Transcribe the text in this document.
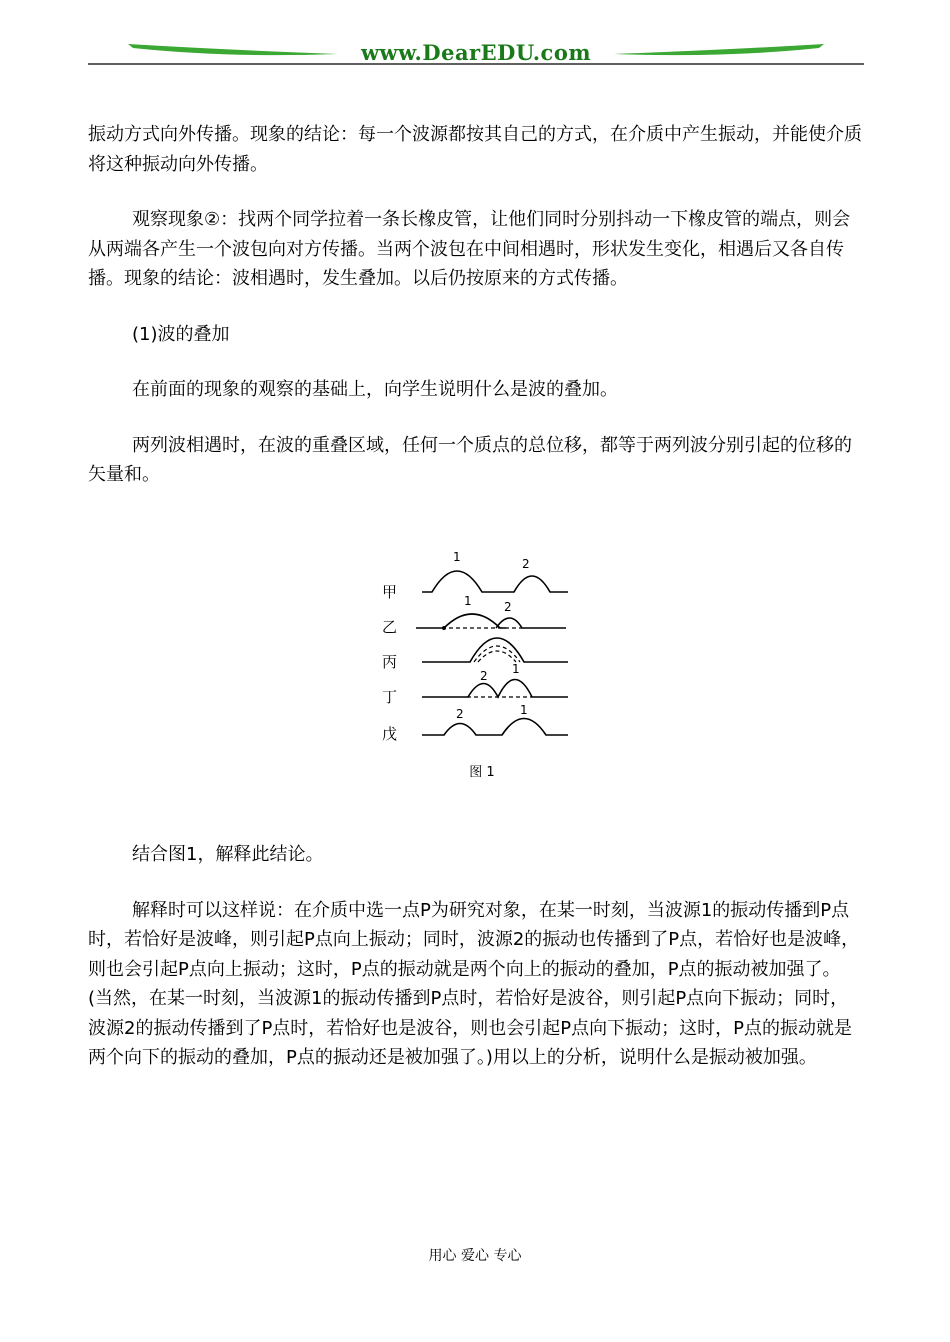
www.DearEDU.com

振动方式向外传播。现象的结论：每一个波源都按其自己的方式，在介质中产生振动，并能使介质将这种振动向外传播。

观察现象②：找两个同学拉着一条长橡皮管，让他们同时分别抖动一下橡皮管的端点，则会从两端各产生一个波包向对方传播。当两个波包在中间相遇时，形状发生变化，相遇后又各自传播。现象的结论：波相遇时，发生叠加。以后仍按原来的方式传播。

(1)波的叠加

在前面的现象的观察的基础上，向学生说明什么是波的叠加。

两列波相遇时，在波的重叠区域，任何一个质点的总位移，都等于两列波分别引起的位移的矢量和。

甲
乙
丙
丁
戊
1	2
1	2
2 1
2	1
图 1

结合图1，解释此结论。

解释时可以这样说：在介质中选一点P为研究对象，在某一时刻，当波源1的振动传播到P点时，若恰好是波峰，则引起P点向上振动；同时，波源2的振动也传播到了P点，若恰好也是波峰，则也会引起P点向上振动；这时，P点的振动就是两个向上的振动的叠加，P点的振动被加强了。(当然，在某一时刻，当波源1的振动传播到P点时，若恰好是波谷，则引起P点向下振动；同时，波源2的振动传播到了P点时，若恰好也是波谷，则也会引起P点向下振动；这时，P点的振动就是两个向下的振动的叠加，P点的振动还是被加强了。)用以上的分析，说明什么是振动被加强。

用心 爱心 专心
